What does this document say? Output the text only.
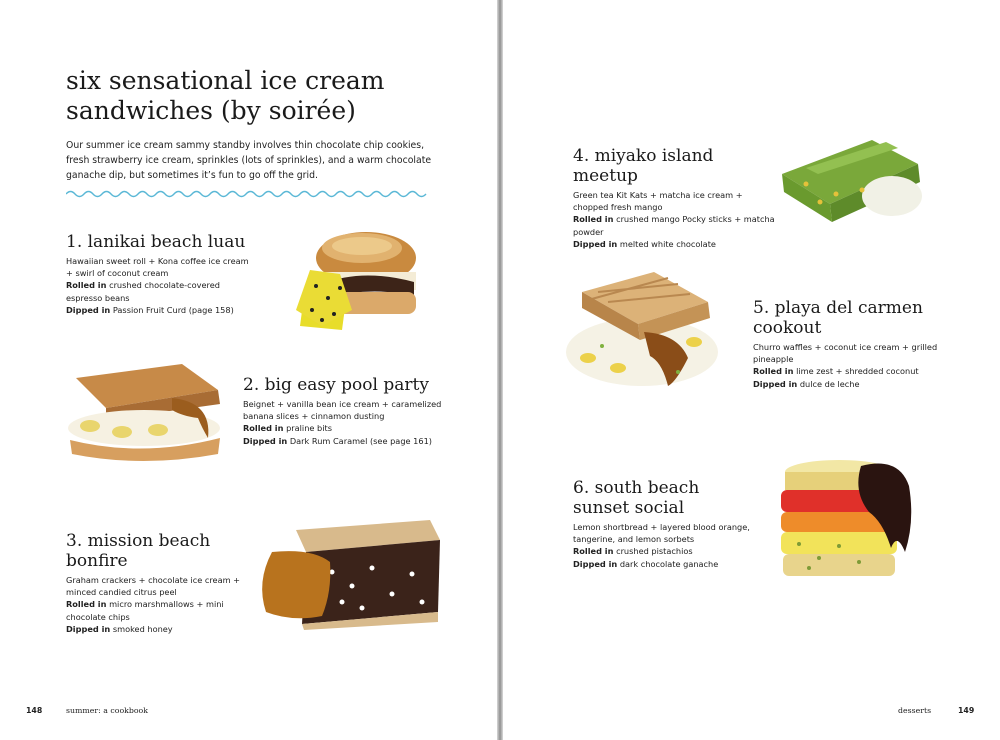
six sensational ice cream
sandwiches (by soirée)

Our summer ice cream sammy standby involves thin chocolate chip cookies, fresh strawberry ice cream, sprinkles (lots of sprinkles), and a warm chocolate ganache dip, but sometimes it’s fun to go off the grid.

1. lanikai beach luau

Hawaiian sweet roll + Kona coffee ice cream + swirl of coconut cream

Rolled in crushed chocolate-covered espresso beans

Dipped in Passion Fruit Curd (page 158)

2. big easy pool party

Beignet + vanilla bean ice cream + caramelized banana slices + cinnamon dusting

Rolled in praline bits

Dipped in Dark Rum Caramel (see page 161)

3. mission beach
bonfire

Graham crackers + chocolate ice cream + minced candied citrus peel

Rolled in micro marshmallows + mini chocolate chips

Dipped in smoked honey

148	summer: a cookbook
4. miyako island meetup

Green tea Kit Kats + matcha ice cream + chopped fresh mango

Rolled in crushed mango Pocky sticks + matcha powder

Dipped in melted white chocolate

5. playa del carmen
cookout

Churro waffles + coconut ice cream + grilled pineapple

Rolled in lime zest + shredded coconut

Dipped in dulce de leche

6. south beach
sunset social

Lemon shortbread + layered blood orange, tangerine, and lemon sorbets

Rolled in crushed pistachios

Dipped in dark chocolate ganache

desserts	149
